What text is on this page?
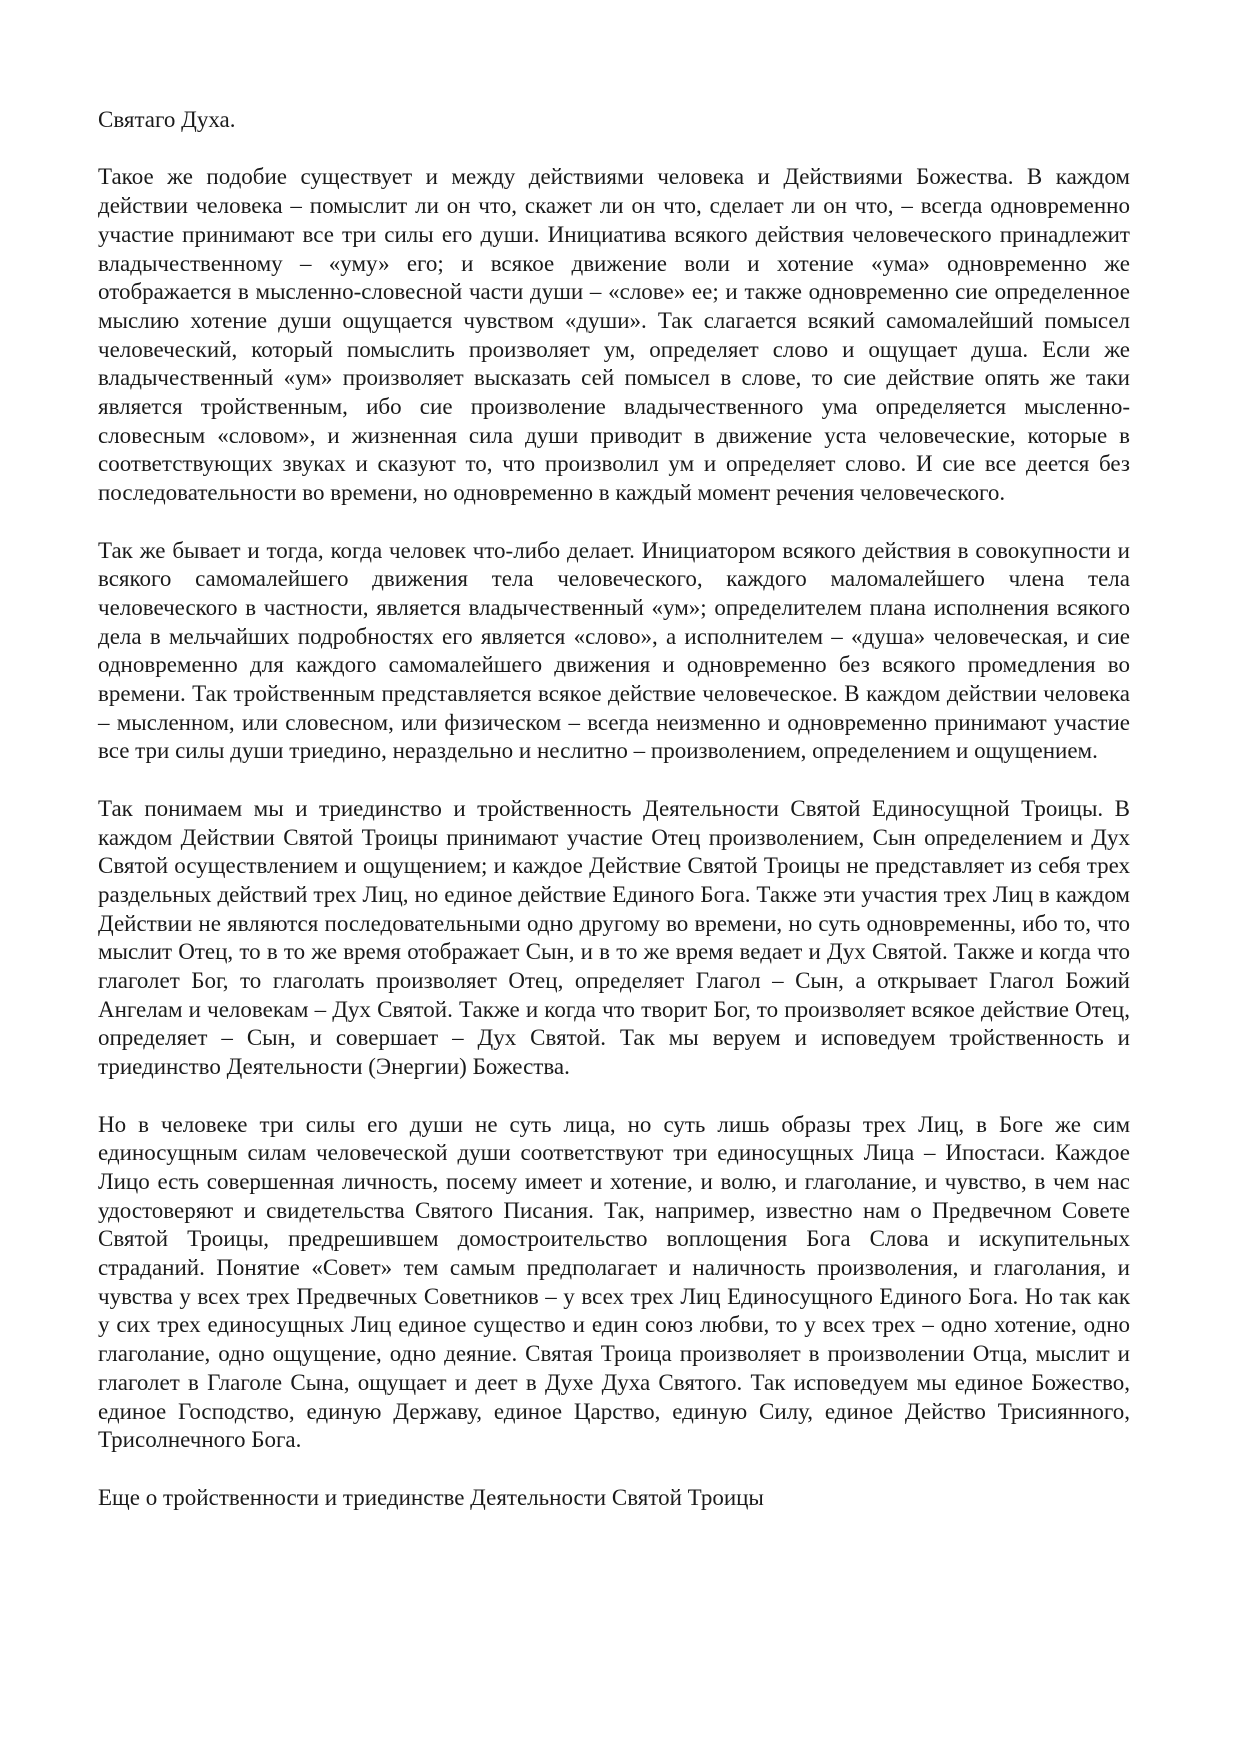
Святаго Духа.

Такое же подобие существует и между действиями человека и Действиями Божества. В каждом действии человека – помыслит ли он что, скажет ли он что, сделает ли он что, – всегда одновременно участие принимают все три силы его души. Инициатива всякого действия человеческого принадлежит владычественному – «уму» его; и всякое движение воли и хотение «ума» одновременно же отображается в мысленно-словесной части души – «слове» ее; и также одновременно сие определенное мыслию хотение души ощущается чувством «души». Так слагается всякий самомалейший помысел человеческий, который помыслить произволяет ум, определяет слово и ощущает душа. Если же владычественный «ум» произволяет высказать сей помысел в слове, то сие действие опять же таки является тройственным, ибо сие произволение владычественного ума определяется мысленно-словесным «словом», и жизненная сила души приводит в движение уста человеческие, которые в соответствующих звуках и сказуют то, что произволил ум и определяет слово. И сие все деется без последовательности во времени, но одновременно в каждый момент речения человеческого.

Так же бывает и тогда, когда человек что-либо делает. Инициатором всякого действия в совокупности и всякого самомалейшего движения тела человеческого, каждого маломалейшего члена тела человеческого в частности, является владычественный «ум»; определителем плана исполнения всякого дела в мельчайших подробностях его является «слово», а исполнителем – «душа» человеческая, и сие одновременно для каждого самомалейшего движения и одновременно без всякого промедления во времени. Так тройственным представляется всякое действие человеческое. В каждом действии человека – мысленном, или словесном, или физическом – всегда неизменно и одновременно принимают участие все три силы души триедино, нераздельно и неслитно – произволением, определением и ощущением.

Так понимаем мы и триединство и тройственность Деятельности Святой Единосущной Троицы. В каждом Действии Святой Троицы принимают участие Отец произволением, Сын определением и Дух Святой осуществлением и ощущением; и каждое Действие Святой Троицы не представляет из себя трех раздельных действий трех Лиц, но единое действие Единого Бога. Также эти участия трех Лиц в каждом Действии не являются последовательными одно другому во времени, но суть одновременны, ибо то, что мыслит Отец, то в то же время отображает Сын, и в то же время ведает и Дух Святой. Также и когда что глаголет Бог, то глаголать произволяет Отец, определяет Глагол – Сын, а открывает Глагол Божий Ангелам и человекам – Дух Святой. Также и когда что творит Бог, то произволяет всякое действие Отец, определяет – Сын, и совершает – Дух Святой. Так мы веруем и исповедуем тройственность и триединство Деятельности (Энергии) Божества.

Но в человеке три силы его души не суть лица, но суть лишь образы трех Лиц, в Боге же сим единосущным силам человеческой души соответствуют три единосущных Лица – Ипостаси. Каждое Лицо есть совершенная личность, посему имеет и хотение, и волю, и глаголание, и чувство, в чем нас удостоверяют и свидетельства Святого Писания. Так, например, известно нам о Предвечном Совете Святой Троицы, предрешившем домостроительство воплощения Бога Слова и искупительных страданий. Понятие «Совет» тем самым предполагает и наличность произволения, и глаголания, и чувства у всех трех Предвечных Советников – у всех трех Лиц Единосущного Единого Бога. Но так как у сих трех единосущных Лиц единое существо и един союз любви, то у всех трех – одно хотение, одно глаголание, одно ощущение, одно деяние. Святая Троица произволяет в произволении Отца, мыслит и глаголет в Глаголе Сына, ощущает и деет в Духе Духа Святого. Так исповедуем мы единое Божество, единое Господство, единую Державу, единое Царство, единую Силу, единое Действо Трисиянного, Трисолнечного Бога.

Еще о тройственности и триединстве Деятельности Святой Троицы
